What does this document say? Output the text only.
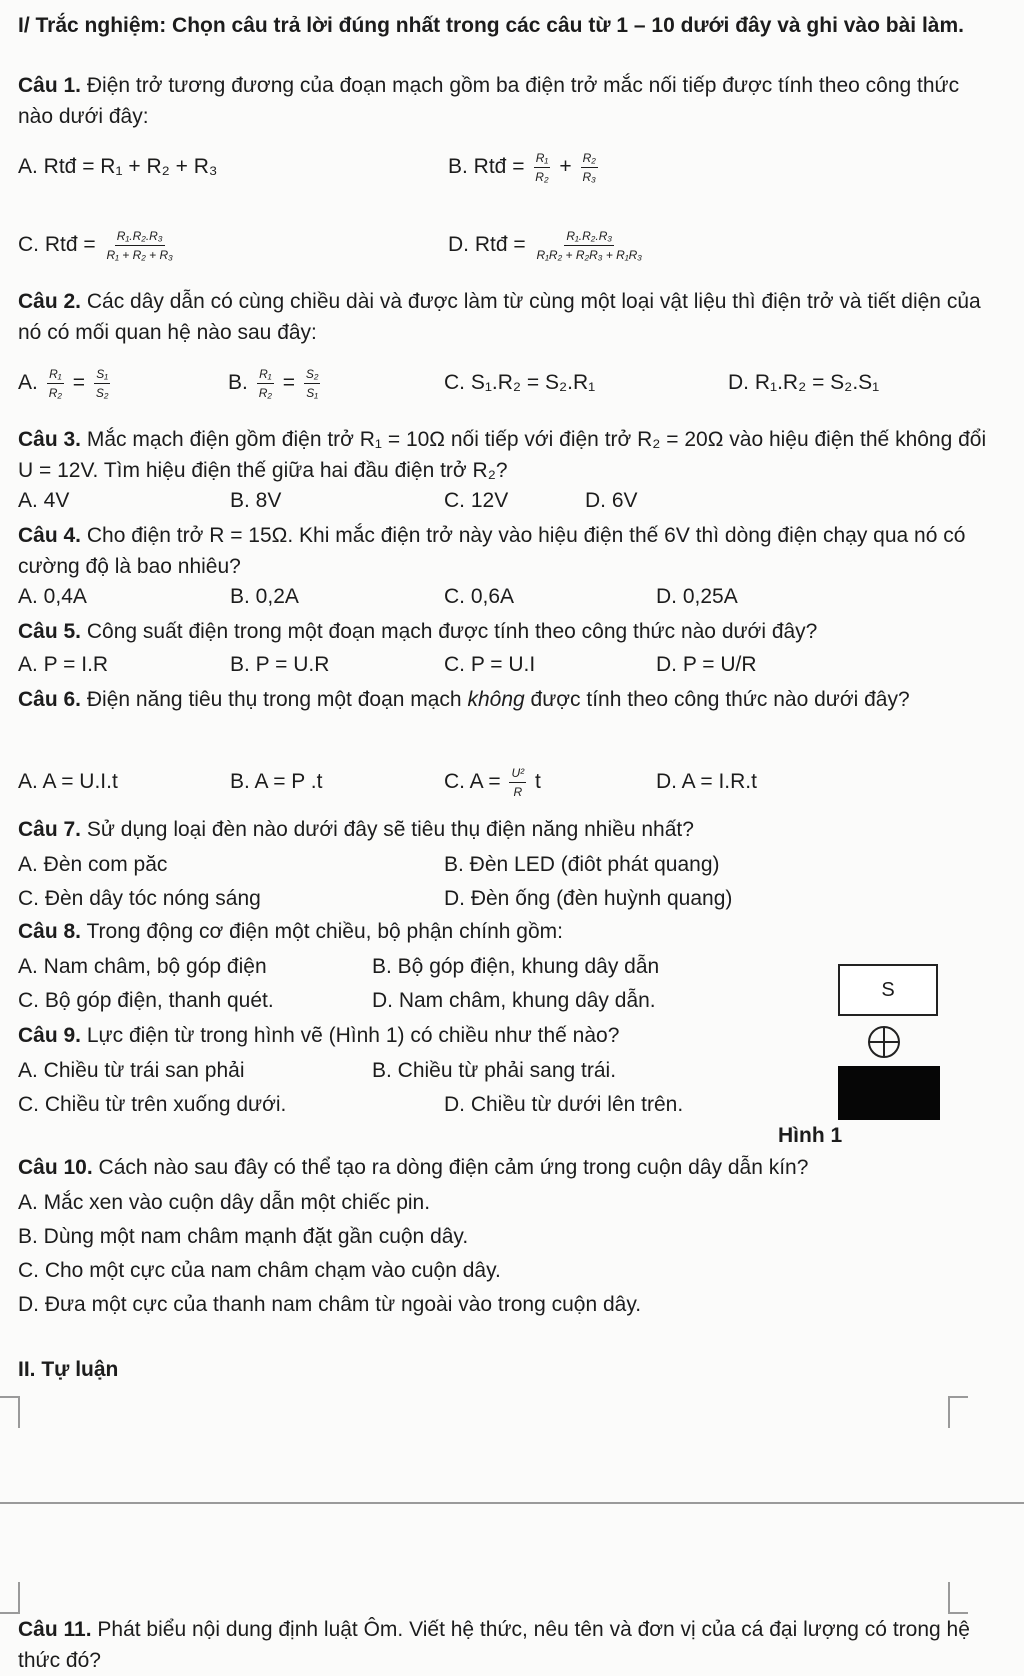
I/ Trắc nghiệm: Chọn câu trả lời đúng nhất trong các câu từ 1 – 10 dưới đây và ghi vào bài làm.
Câu 1. Điện trở tương đương của đoạn mạch gồm ba điện trở mắc nối tiếp được tính theo công thức nào dưới đây:
A. Rtđ = R₁ + R₂ + R₃	B. Rtđ = $\frac{\text{R₁}}{\text{R₂}} + \frac{\text{R₂}}{\text{R₃}}$
C. Rtđ = $\frac{\text{R₁.R₂.R₃}}{\text{R₁ + R₂ + R₃}}$	D. Rtđ = $\frac{\text{R₁.R₂.R₃}}{\text{R₁R₂ + R₂R₃ + R₁R₃}}$
Câu 2. Các dây dẫn có cùng chiều dài và được làm từ cùng một loại vật liệu thì điện trở và tiết diện của nó có mối quan hệ nào sau đây:
A. $\frac{\text{R₁}}{\text{R₂}} = \frac{\text{S₁}}{\text{S₂}}$	B. $\frac{\text{R₁}}{\text{R₂}} = \frac{\text{S₂}}{\text{S₁}}$	C. S₁.R₂ = S₂.R₁	D. R₁.R₂ = S₂.S₁
Câu 3. Mắc mạch điện gồm điện trở R₁ = 10Ω nối tiếp với điện trở R₂ = 20Ω vào hiệu điện thế không đổi U = 12V. Tìm hiệu điện thế giữa hai đầu điện trở R₂?
A. 4V	B. 8V	C. 12V	D. 6V
Câu 4. Cho điện trở R = 15Ω. Khi mắc điện trở này vào hiệu điện thế 6V thì dòng điện chạy qua nó có cường độ là bao nhiêu?
A. 0,4A	B. 0,2A	C. 0,6A	D. 0,25A
Câu 5. Công suất điện trong một đoạn mạch được tính theo công thức nào dưới đây?
A. P = I.R	B. P = U.R	C. P = U.I	D. P = U/R
Câu 6. Điện năng tiêu thụ trong một đoạn mạch không được tính theo công thức nào dưới đây?
A. A = U.I.t	B. A = P .t	C. $A = \frac{\text{U²}}{R}$ t	D. A = I.R.t
Câu 7. Sử dụng loại đèn nào dưới đây sẽ tiêu thụ điện năng nhiều nhất?
A. Đèn com păc	B. Đèn LED (điôt phát quang)
C. Đèn dây tóc nóng sáng	D. Đèn ống (đèn huỳnh quang)
Câu 8. Trong động cơ điện một chiều, bộ phận chính gồm:
A. Nam châm, bộ góp điện	B. Bộ góp điện, khung dây dẫn
C. Bộ góp điện, thanh quét.	D. Nam châm, khung dây dẫn.
Câu 9. Lực điện từ trong hình vẽ (Hình 1) có chiều như thế nào?
A. Chiều từ trái san phải	B. Chiều từ phải sang trái.
C. Chiều từ trên xuống dưới.	D. Chiều từ dưới lên trên.
S
Hình 1
Câu 10. Cách nào sau đây có thể tạo ra dòng điện cảm ứng trong cuộn dây dẫn kín?
A. Mắc xen vào cuộn dây dẫn một chiếc pin.
B. Dùng một nam châm mạnh đặt gần cuộn dây.
C. Cho một cực của nam châm chạm vào cuộn dây.
D. Đưa một cực của thanh nam châm từ ngoài vào trong cuộn dây.
II. Tự luận
Câu 11. Phát biểu nội dung định luật Ôm. Viết hệ thức, nêu tên và đơn vị của cá đại lượng có trong hệ thức đó?
